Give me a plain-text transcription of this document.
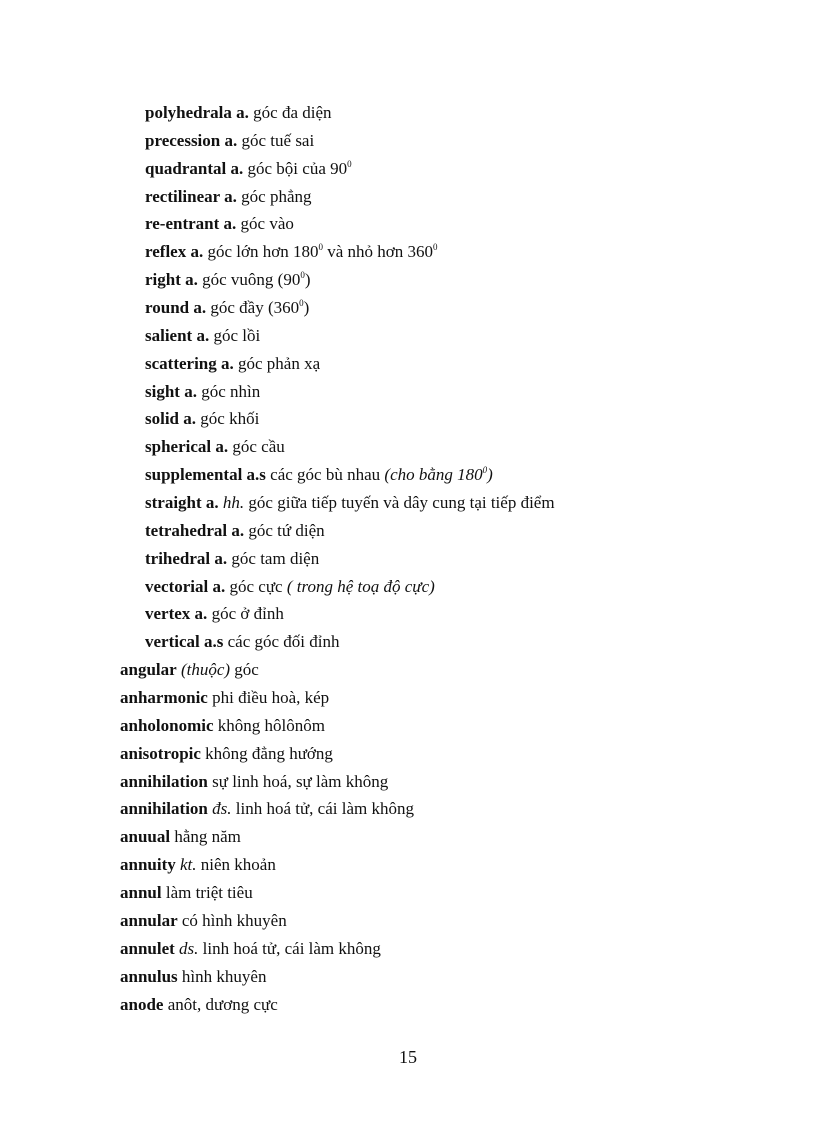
polyhedrala a. góc đa diện
precession a. góc tuế sai
quadrantal a. góc bội của $90^0$
rectilinear a. góc phẳng
re-entrant a. góc vào
reflex a. góc lớn hơn $180^0$ và nhỏ hơn $360^0$
right a. góc vuông $(90^0)$
round a. góc đầy $(360^0)$
salient a. góc lồi
scattering a. góc phản xạ
sight a. góc nhìn
solid a. góc khối
spherical a. góc cầu
supplemental a.s các góc bù nhau (cho bằng 180$^0$)
straight a. hh. góc giữa tiếp tuyến và dây cung tại tiếp điểm
tetrahedral a. góc tứ diện
trihedral a. góc tam diện
vectorial a. góc cực ( trong hệ toạ độ cực)
vertex a. góc ở đỉnh
vertical a.s các góc đối đỉnh
angular (thuộc) góc
anharmonic phi điều hoà, kép
anholonomic không hôlônôm
anisotropic không đẳng hướng
annihilation sự linh hoá, sự làm không
annihilation đs. linh hoá tử, cái làm không
anuual hằng năm
annuity kt. niên khoản
annul làm triệt tiêu
annular có hình khuyên
annulet ds. linh hoá tử, cái làm không
annulus hình khuyên
anode anôt, dương cực
15
